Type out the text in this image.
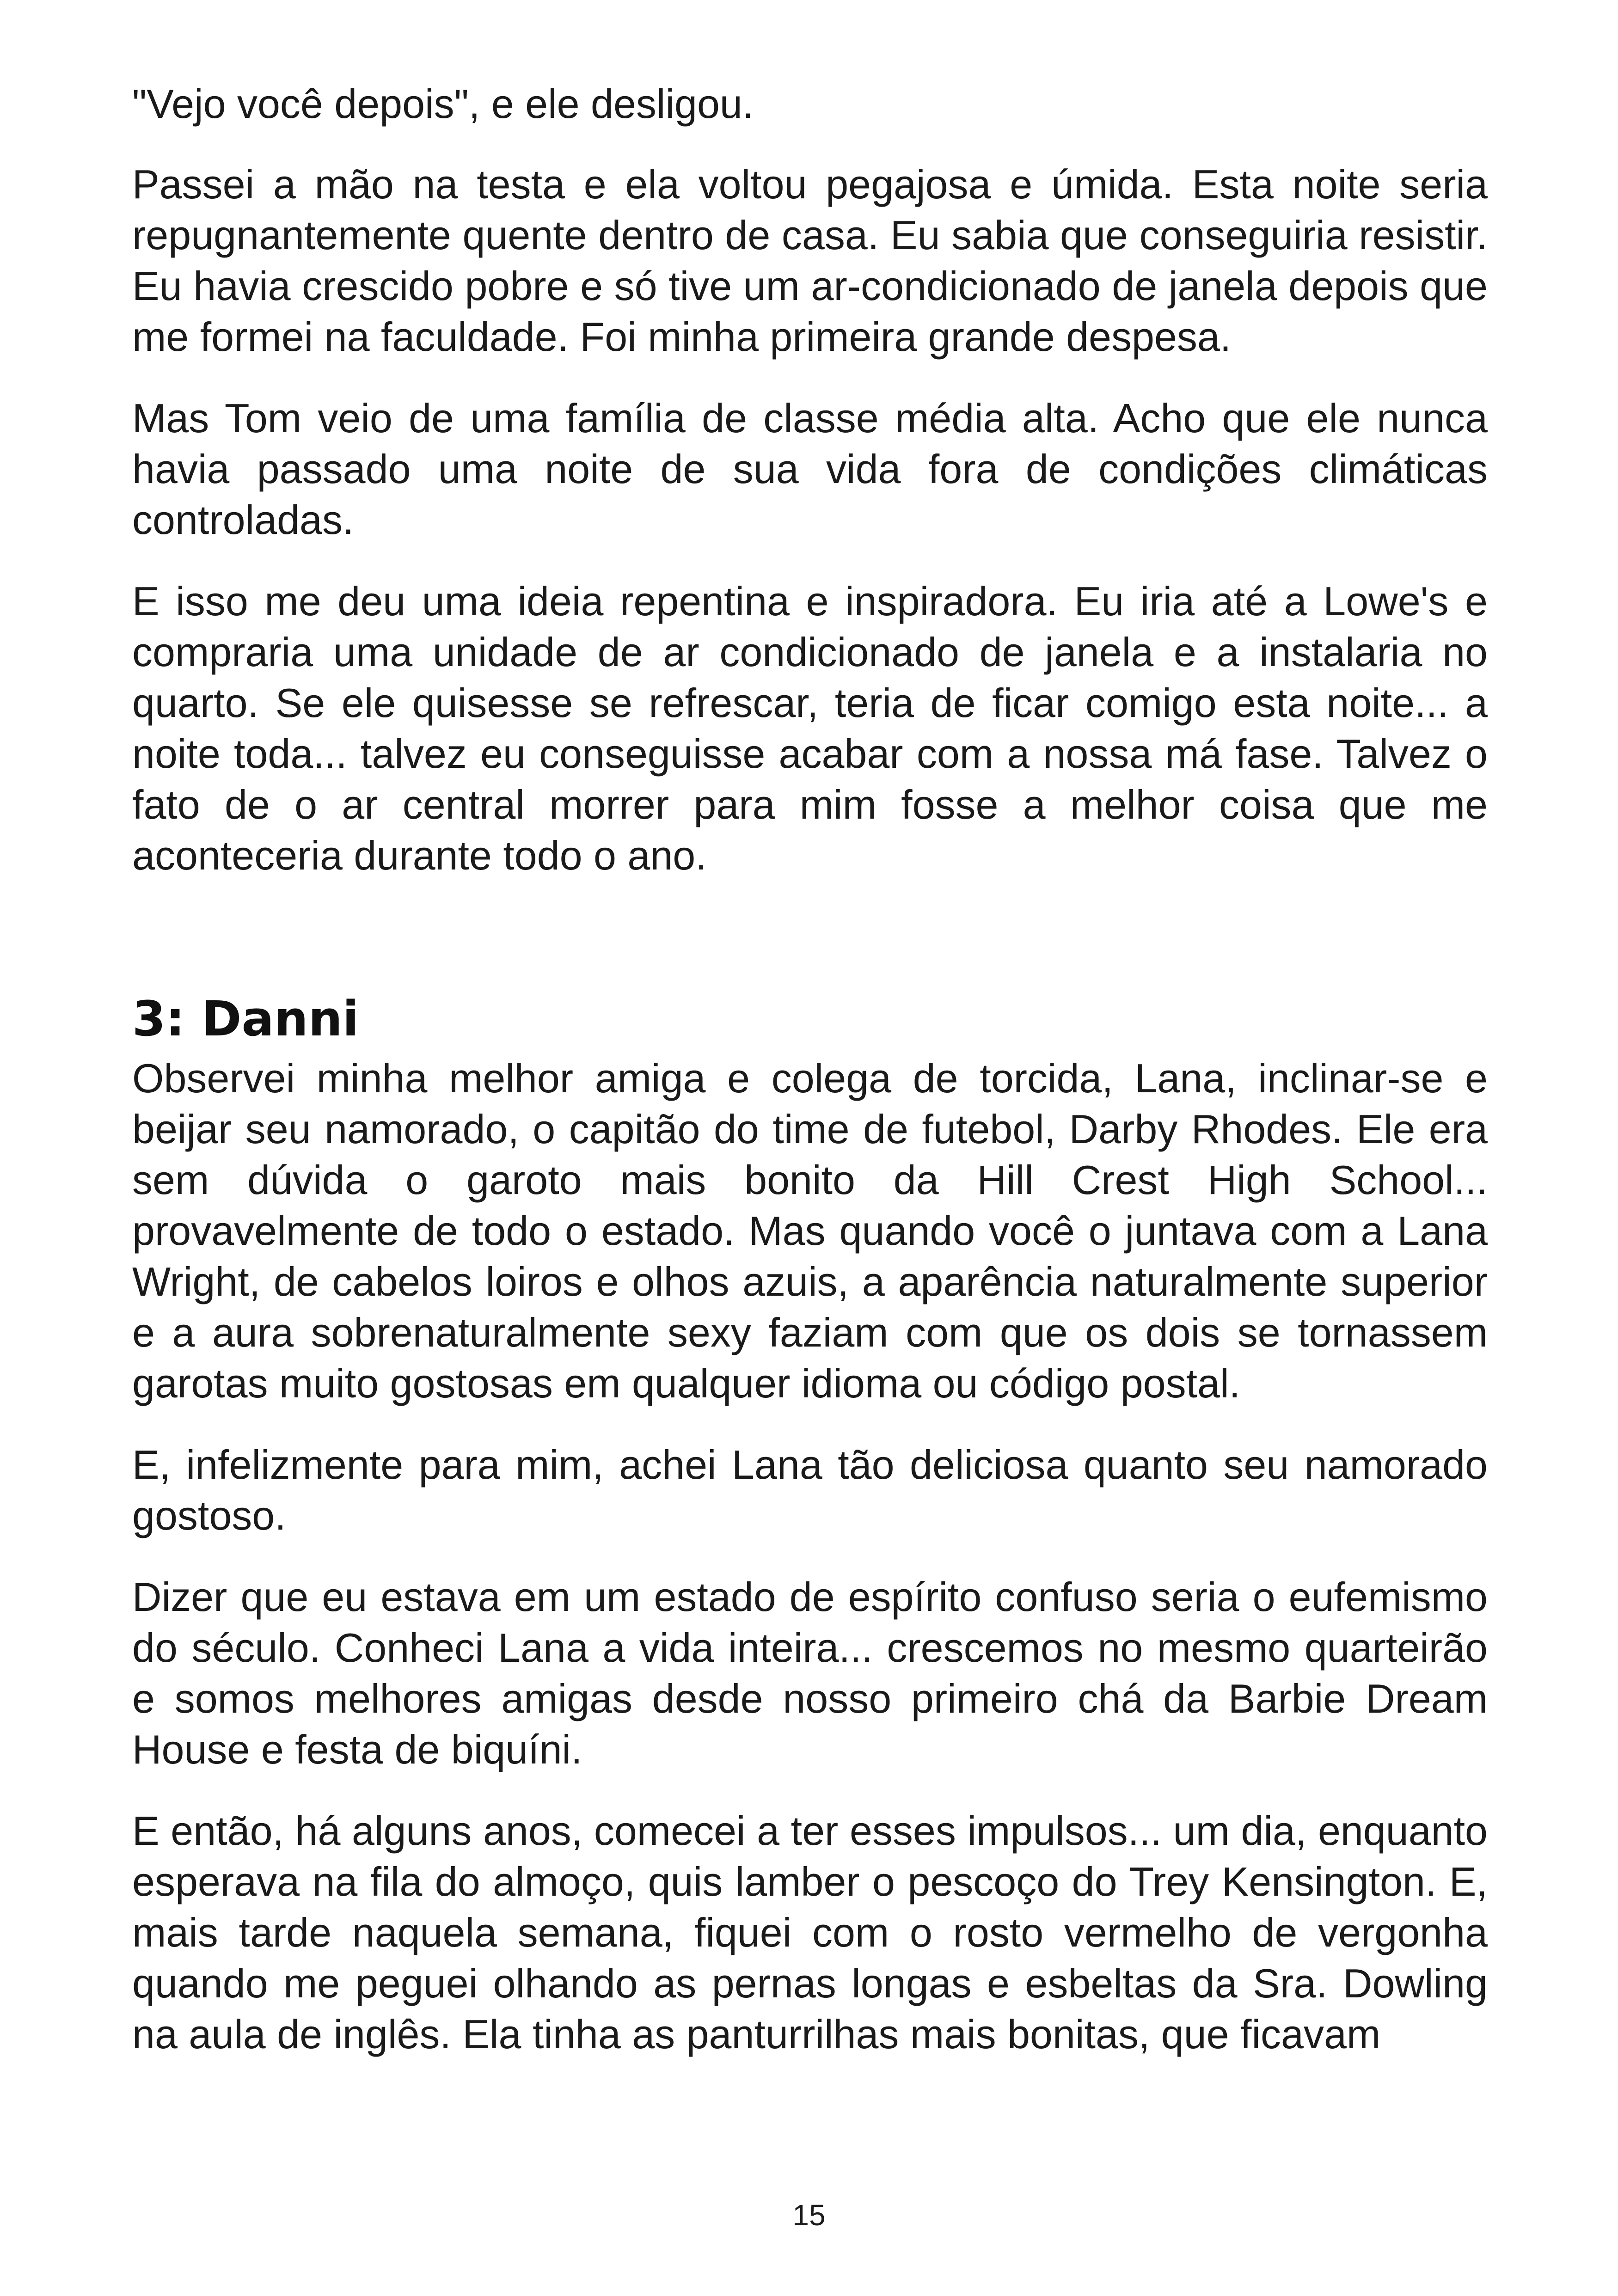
"Vejo você depois", e ele desligou.

Passei a mão na testa e ela voltou pegajosa e úmida. Esta noite seria repugnantemente quente dentro de casa. Eu sabia que conseguiria resistir. Eu havia crescido pobre e só tive um ar-condicionado de janela depois que me formei na faculdade. Foi minha primeira grande despesa.

Mas Tom veio de uma família de classe média alta. Acho que ele nunca havia passado uma noite de sua vida fora de condições climáticas controladas.

E isso me deu uma ideia repentina e inspiradora. Eu iria até a Lowe's e compraria uma unidade de ar condicionado de janela e a instalaria no quarto. Se ele quisesse se refrescar, teria de ficar comigo esta noite... a noite toda... talvez eu conseguisse acabar com a nossa má fase. Talvez o fato de o ar central morrer para mim fosse a melhor coisa que me aconteceria durante todo o ano.

3: Danni

Observei minha melhor amiga e colega de torcida, Lana, inclinar-se e beijar seu namorado, o capitão do time de futebol, Darby Rhodes. Ele era sem dúvida o garoto mais bonito da Hill Crest High School... provavelmente de todo o estado. Mas quando você o juntava com a Lana Wright, de cabelos loiros e olhos azuis, a aparência naturalmente superior e a aura sobrenaturalmente sexy faziam com que os dois se tornassem garotas muito gostosas em qualquer idioma ou código postal.

E, infelizmente para mim, achei Lana tão deliciosa quanto seu namorado gostoso.

Dizer que eu estava em um estado de espírito confuso seria o eufemismo do século. Conheci Lana a vida inteira... crescemos no mesmo quarteirão e somos melhores amigas desde nosso primeiro chá da Barbie Dream House e festa de biquíni.

E então, há alguns anos, comecei a ter esses impulsos... um dia, enquanto esperava na fila do almoço, quis lamber o pescoço do Trey Kensington. E, mais tarde naquela semana, fiquei com o rosto vermelho de vergonha quando me peguei olhando as pernas longas e esbeltas da Sra. Dowling na aula de inglês. Ela tinha as panturrilhas mais bonitas, que ficavam

15
